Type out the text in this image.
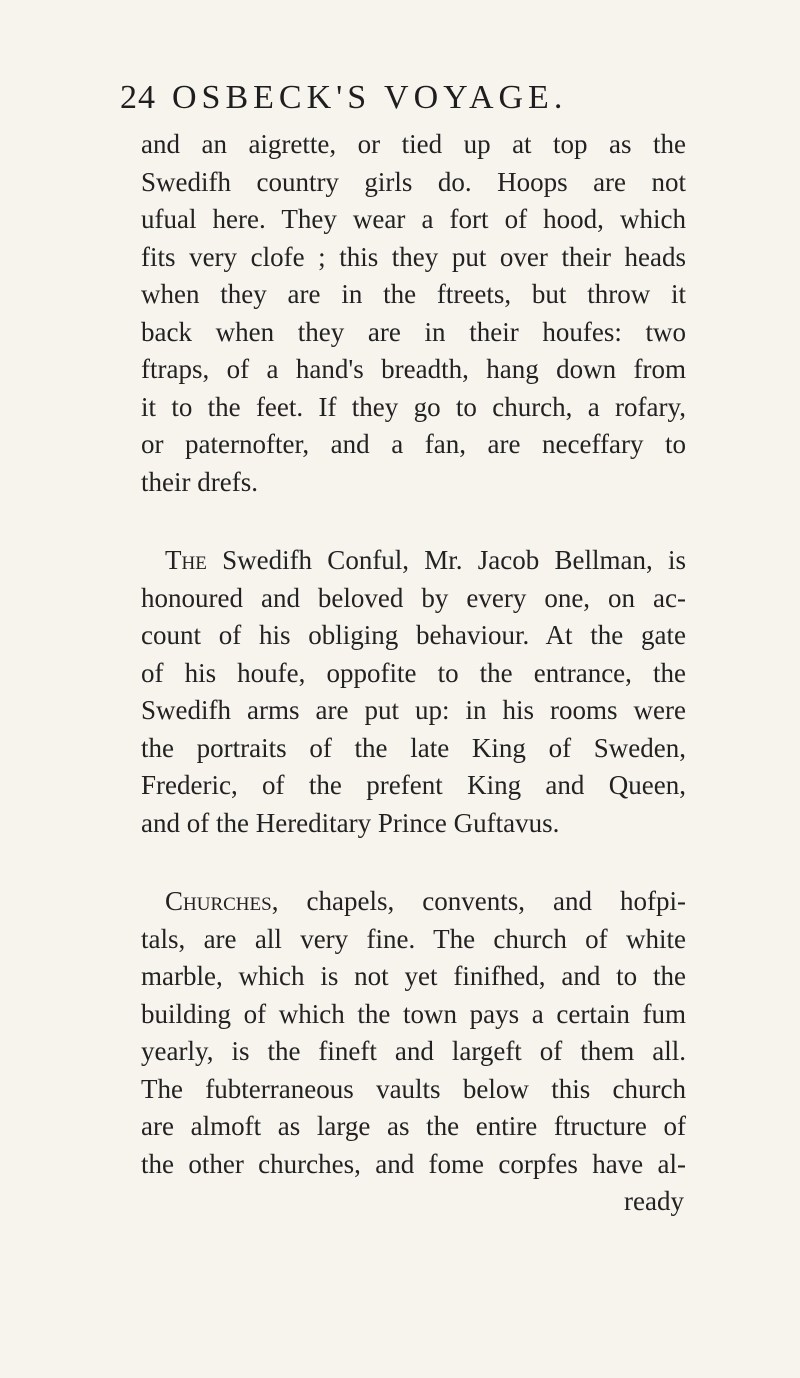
24 OSBECK'S VOYAGE.
and an aigrette, or tied up at top as the
Swedifh country girls do. Hoops are not
ufual here. They wear a fort of hood, which
fits very clofe ; this they put over their heads
when they are in the ftreets, but throw it
back when they are in their houfes: two
ftraps, of a hand's breadth, hang down from
it to the feet. If they go to church, a rofary,
or paternofter, and a fan, are neceffary to
their drefs.
The Swedifh Conful, Mr. Jacob Bellman, is
honoured and beloved by every one, on ac-
count of his obliging behaviour. At the gate
of his houfe, oppofite to the entrance, the
Swedifh arms are put up: in his rooms were
the portraits of the late King of Sweden,
Frederic, of the prefent King and Queen,
and of the Hereditary Prince Guftavus.
Churches, chapels, convents, and hofpi-
tals, are all very fine. The church of white
marble, which is not yet finifhed, and to the
building of which the town pays a certain fum
yearly, is the fineft and largeft of them all.
The fubterraneous vaults below this church
are almoft as large as the entire ftructure of
the other churches, and fome corpfes have al-
ready
